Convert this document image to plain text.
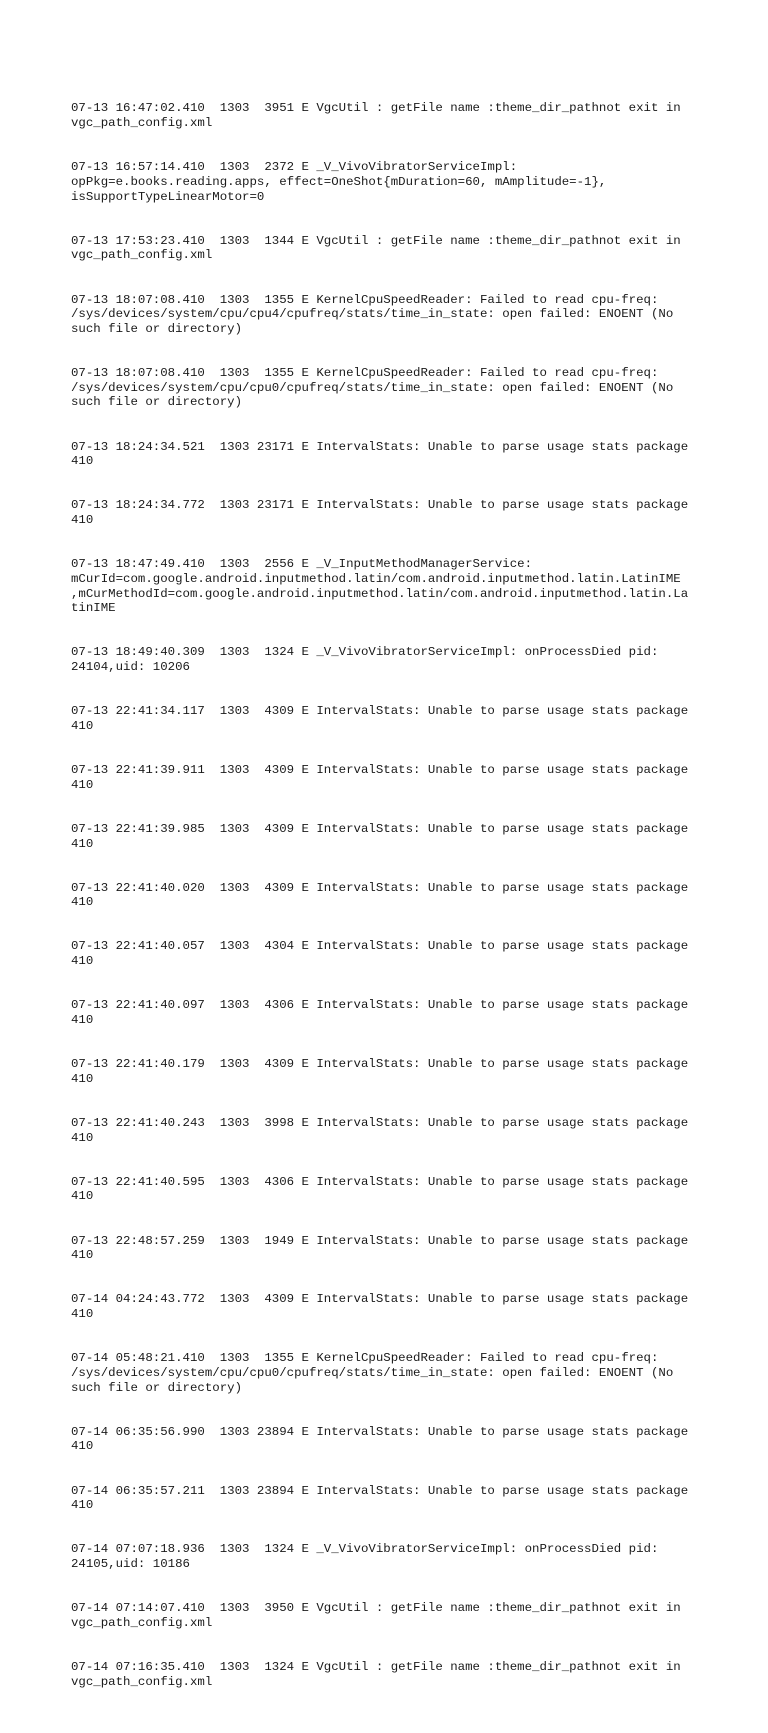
07-13 16:47:02.410  1303  3951 E VgcUtil : getFile name :theme_dir_pathnot exit in
vgc_path_config.xml

07-13 16:57:14.410  1303  2372 E _V_VivoVibratorServiceImpl:
opPkg=e.books.reading.apps, effect=OneShot{mDuration=60, mAmplitude=-1},
isSupportTypeLinearMotor=0

07-13 17:53:23.410  1303  1344 E VgcUtil : getFile name :theme_dir_pathnot exit in
vgc_path_config.xml

07-13 18:07:08.410  1303  1355 E KernelCpuSpeedReader: Failed to read cpu-freq:
/sys/devices/system/cpu/cpu4/cpufreq/stats/time_in_state: open failed: ENOENT (No
such file or directory)

07-13 18:07:08.410  1303  1355 E KernelCpuSpeedReader: Failed to read cpu-freq:
/sys/devices/system/cpu/cpu0/cpufreq/stats/time_in_state: open failed: ENOENT (No
such file or directory)

07-13 18:24:34.521  1303 23171 E IntervalStats: Unable to parse usage stats package
410

07-13 18:24:34.772  1303 23171 E IntervalStats: Unable to parse usage stats package
410

07-13 18:47:49.410  1303  2556 E _V_InputMethodManagerService:
mCurId=com.google.android.inputmethod.latin/com.android.inputmethod.latin.LatinIME
,mCurMethodId=com.google.android.inputmethod.latin/com.android.inputmethod.latin.La
tinIME

07-13 18:49:40.309  1303  1324 E _V_VivoVibratorServiceImpl: onProcessDied pid:
24104,uid: 10206

07-13 22:41:34.117  1303  4309 E IntervalStats: Unable to parse usage stats package
410

07-13 22:41:39.911  1303  4309 E IntervalStats: Unable to parse usage stats package
410

07-13 22:41:39.985  1303  4309 E IntervalStats: Unable to parse usage stats package
410

07-13 22:41:40.020  1303  4309 E IntervalStats: Unable to parse usage stats package
410

07-13 22:41:40.057  1303  4304 E IntervalStats: Unable to parse usage stats package
410

07-13 22:41:40.097  1303  4306 E IntervalStats: Unable to parse usage stats package
410

07-13 22:41:40.179  1303  4309 E IntervalStats: Unable to parse usage stats package
410

07-13 22:41:40.243  1303  3998 E IntervalStats: Unable to parse usage stats package
410

07-13 22:41:40.595  1303  4306 E IntervalStats: Unable to parse usage stats package
410

07-13 22:48:57.259  1303  1949 E IntervalStats: Unable to parse usage stats package
410

07-14 04:24:43.772  1303  4309 E IntervalStats: Unable to parse usage stats package
410

07-14 05:48:21.410  1303  1355 E KernelCpuSpeedReader: Failed to read cpu-freq:
/sys/devices/system/cpu/cpu0/cpufreq/stats/time_in_state: open failed: ENOENT (No
such file or directory)

07-14 06:35:56.990  1303 23894 E IntervalStats: Unable to parse usage stats package
410

07-14 06:35:57.211  1303 23894 E IntervalStats: Unable to parse usage stats package
410

07-14 07:07:18.936  1303  1324 E _V_VivoVibratorServiceImpl: onProcessDied pid:
24105,uid: 10186

07-14 07:14:07.410  1303  3950 E VgcUtil : getFile name :theme_dir_pathnot exit in
vgc_path_config.xml

07-14 07:16:35.410  1303  1324 E VgcUtil : getFile name :theme_dir_pathnot exit in
vgc_path_config.xml
